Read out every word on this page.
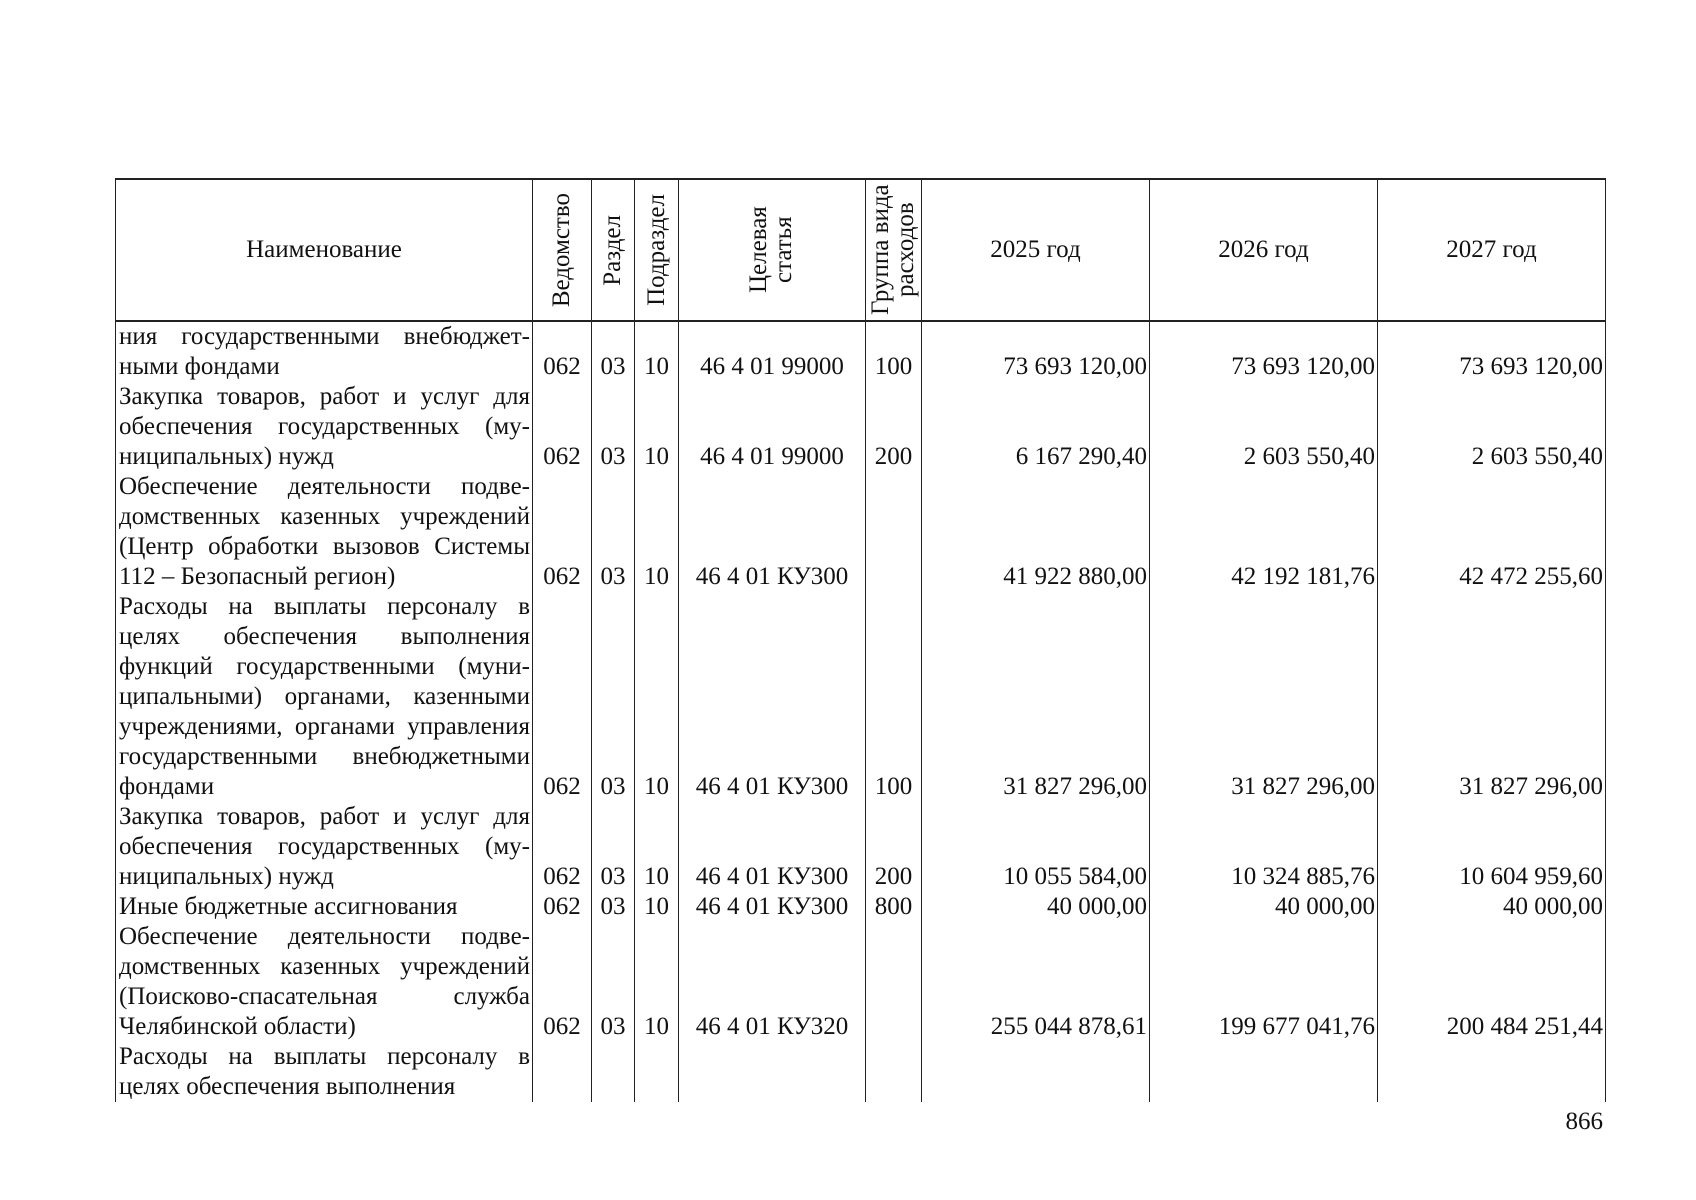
Наименование	Ведомство	Раздел	Подраздел	Целевая статья	Группа вида расходов	2025 год	2026 год	2027 год
ния государственными внебюджетными фондами	062	03	10	46 4 01 99000	100	73 693 120,00	73 693 120,00	73 693 120,00
Закупка товаров, работ и услуг для обеспечения государственных (муниципальных) нужд	062	03	10	46 4 01 99000	200	6 167 290,40	2 603 550,40	2 603 550,40
Обеспечение деятельности подведомственных казенных учреждений (Центр обработки вызовов Системы 112 – Безопасный регион)	062	03	10	46 4 01 КУ300		41 922 880,00	42 192 181,76	42 472 255,60
Расходы на выплаты персоналу в целях обеспечения выполнения функций государственными (муниципальными) органами, казенными учреждениями, органами управления государственными внебюджетными фондами	062	03	10	46 4 01 КУ300	100	31 827 296,00	31 827 296,00	31 827 296,00
Закупка товаров, работ и услуг для обеспечения государственных (муниципальных) нужд	062	03	10	46 4 01 КУ300	200	10 055 584,00	10 324 885,76	10 604 959,60
Иные бюджетные ассигнования	062	03	10	46 4 01 КУ300	800	40 000,00	40 000,00	40 000,00
Обеспечение деятельности подведомственных казенных учреждений (Поисково-спасательная служба Челябинской области)	062	03	10	46 4 01 КУ320		255 044 878,61	199 677 041,76	200 484 251,44
Расходы на выплаты персоналу в целях обеспечения выполнения								
866
